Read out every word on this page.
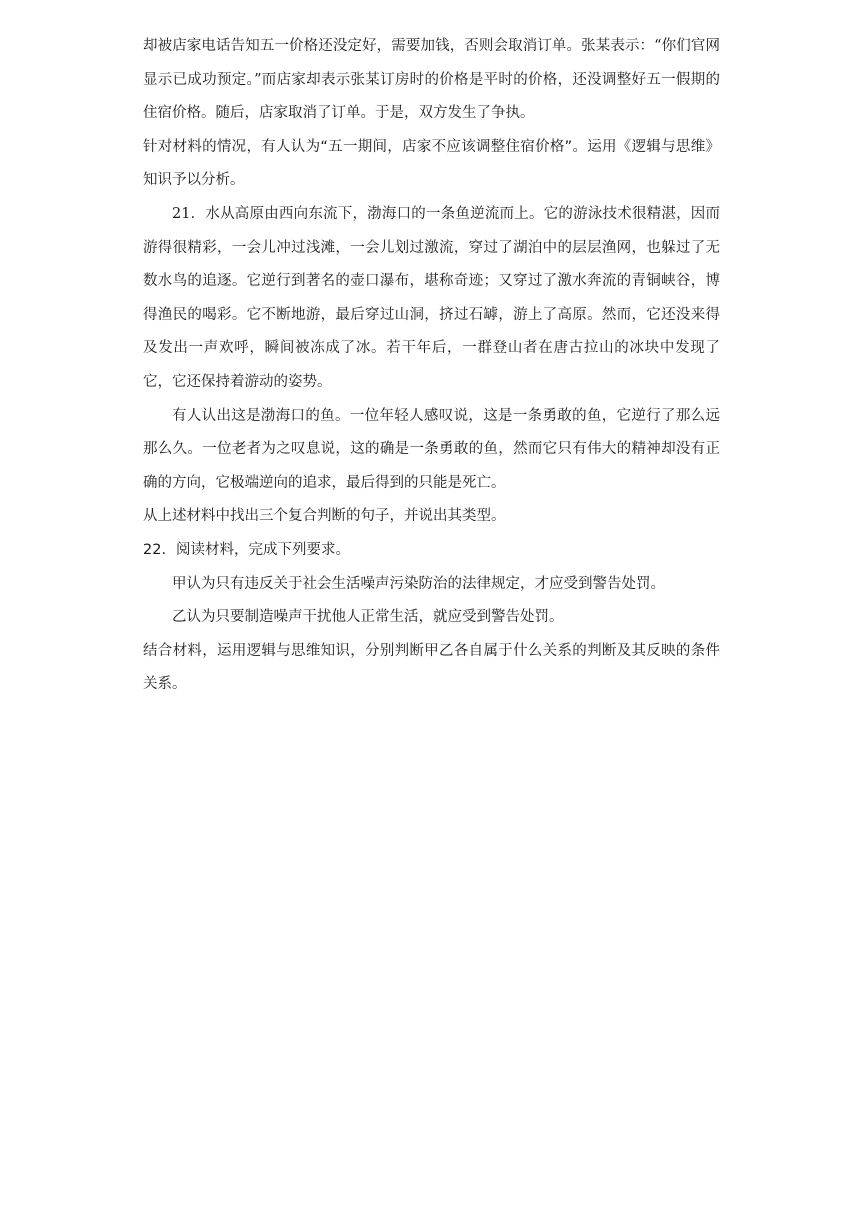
却被店家电话告知五一价格还没定好，需要加钱，否则会取消订单。张某表示：“你们官网显示已成功预定。”而店家却表示张某订房时的价格是平时的价格，还没调整好五一假期的住宿价格。随后，店家取消了订单。于是，双方发生了争执。

针对材料的情况，有人认为“五一期间，店家不应该调整住宿价格”。运用《逻辑与思维》知识予以分析。

21．水从高原由西向东流下，渤海口的一条鱼逆流而上。它的游泳技术很精湛，因而游得很精彩，一会儿冲过浅滩，一会儿划过激流，穿过了湖泊中的层层渔网，也躲过了无数水鸟的追逐。它逆行到著名的壶口瀑布，堪称奇迹；又穿过了激水奔流的青铜峡谷，博得渔民的喝彩。它不断地游，最后穿过山洞，挤过石罅，游上了高原。然而，它还没来得及发出一声欢呼，瞬间被冻成了冰。若干年后，一群登山者在唐古拉山的冰块中发现了它，它还保持着游动的姿势。

有人认出这是渤海口的鱼。一位年轻人感叹说，这是一条勇敢的鱼，它逆行了那么远那么久。一位老者为之叹息说，这的确是一条勇敢的鱼，然而它只有伟大的精神却没有正确的方向，它极端逆向的追求，最后得到的只能是死亡。

从上述材料中找出三个复合判断的句子，并说出其类型。

22．阅读材料，完成下列要求。

甲认为只有违反关于社会生活噪声污染防治的法律规定，才应受到警告处罚。

乙认为只要制造噪声干扰他人正常生活，就应受到警告处罚。

结合材料，运用逻辑与思维知识，分别判断甲乙各自属于什么关系的判断及其反映的条件关系。
